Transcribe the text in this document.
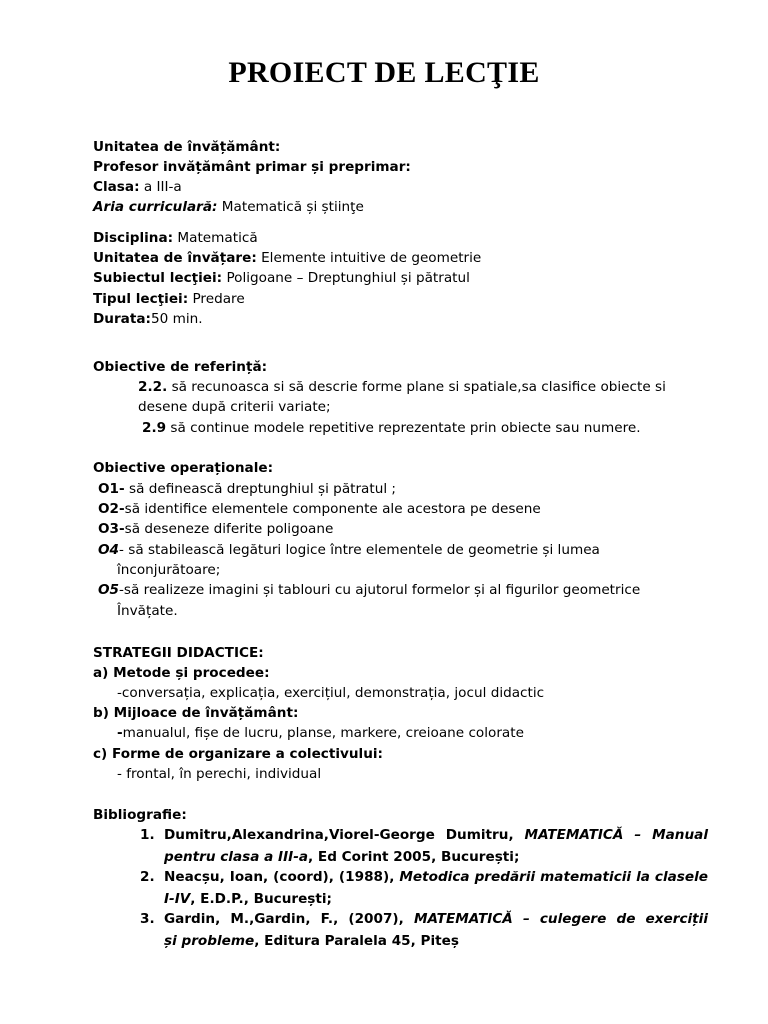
PROIECT DE LECŢIE
Unitatea de învățământ:
Profesor invățământ primar și preprimar:
Clasa: a III-a
Aria curriculară: Matematică și știinţe
Disciplina: Matematică
Unitatea de învățare: Elemente intuitive de geometrie
Subiectul lecţiei: Poligoane – Dreptunghiul și pătratul
Tipul lecţiei: Predare
Durata:50 min.
Obiective de referință:
2.2. să recunoasca si să descrie forme plane si spatiale,sa clasifice obiecte si
desene după criterii variate;
2.9 să continue modele repetitive reprezentate prin obiecte sau numere.
Obiective operaționale:
O1- să definească dreptunghiul și pătratul ;
O2-să identifice elementele componente ale acestora pe desene
O3-să deseneze diferite poligoane
O4- să stabilească legături logice între elementele de geometrie și lumea
înconjurătoare;
O5-să realizeze imagini și tablouri cu ajutorul formelor și al figurilor geometrice
Învățate.
STRATEGII DIDACTICE:
a) Metode și procedee:
-conversația, explicația, exercițiul, demonstrația, jocul didactic
b) Mijloace de învățământ:
-manualul, fișe de lucru, planse, markere, creioane colorate
c) Forme de organizare a colectivului:
- frontal, în perechi, individual
Bibliografie:
1. Dumitru,Alexandrina,Viorel-George Dumitru, MATEMATICĂ – Manual
pentru clasa a III-a, Ed Corint 2005, București;
2. Neacșu, Ioan, (coord), (1988), Metodica predării matematicii la clasele
I-IV, E.D.P., București;
3. Gardin, M.,Gardin, F., (2007), MATEMATICĂ – culegere de exerciții
și probleme, Editura Paralela 45, Piteș
